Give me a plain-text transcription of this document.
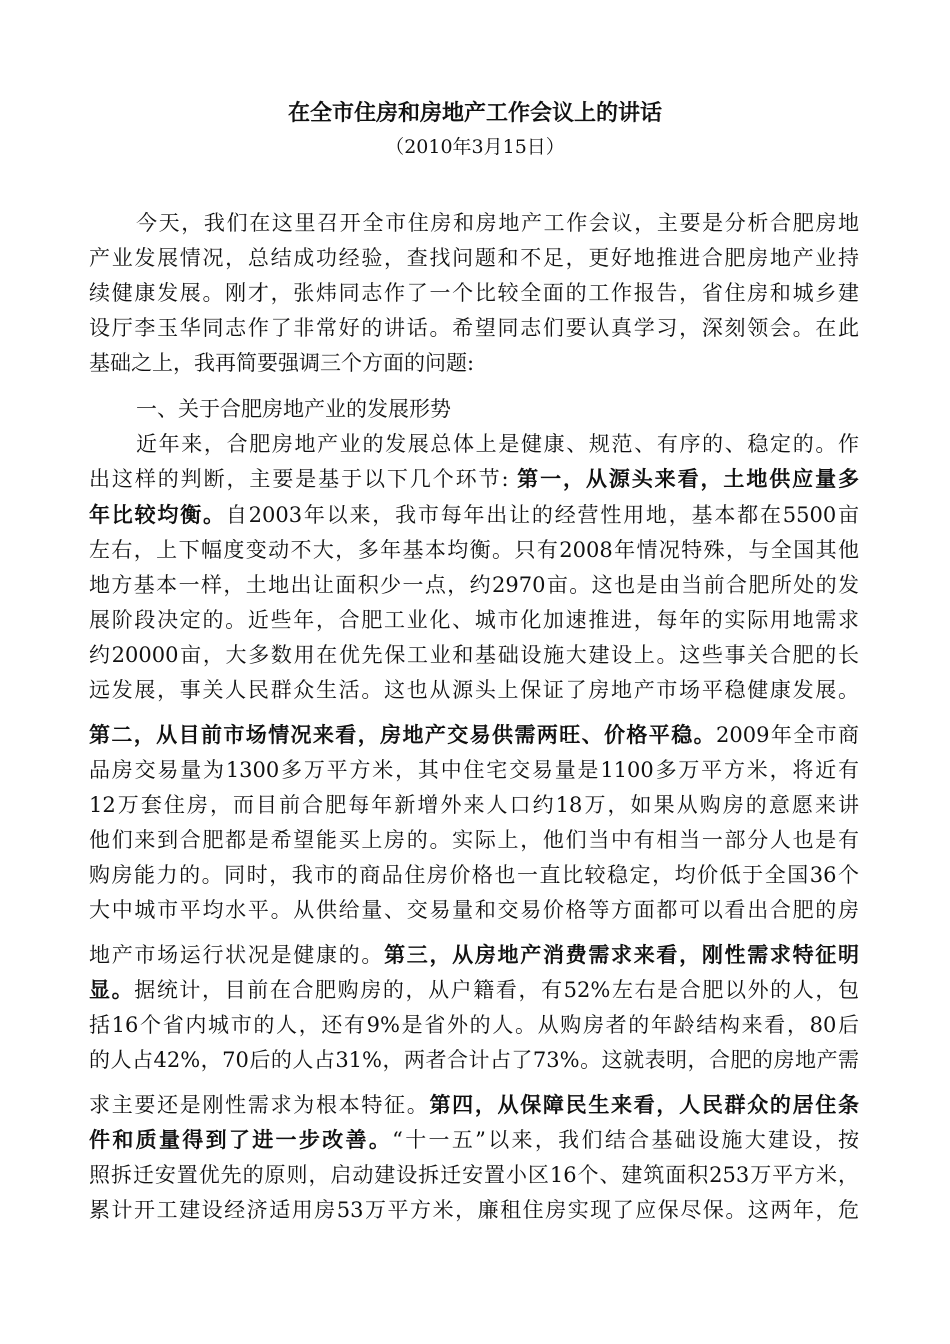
在全市住房和房地产工作会议上的讲话
（2010年3月15日）
今天，我们在这里召开全市住房和房地产工作会议，主要是分析合肥房地
产业发展情况，总结成功经验，查找问题和不足，更好地推进合肥房地产业持
续健康发展。刚才，张炜同志作了一个比较全面的工作报告，省住房和城乡建
设厅李玉华同志作了非常好的讲话。希望同志们要认真学习，深刻领会。在此
基础之上，我再简要强调三个方面的问题:
一、关于合肥房地产业的发展形势
近年来，合肥房地产业的发展总体上是健康、规范、有序的、稳定的。作
出这样的判断，主要是基于以下几个环节: 第一，从源头来看，土地供应量多
年比较均衡。自2003年以来，我市每年出让的经营性用地，基本都在5500亩
左右，上下幅度变动不大，多年基本均衡。只有2008年情况特殊，与全国其他
地方基本一样，土地出让面积少一点，约2970亩。这也是由当前合肥所处的发
展阶段决定的。近些年，合肥工业化、城市化加速推进，每年的实际用地需求
约20000亩，大多数用在优先保工业和基础设施大建设上。这些事关合肥的长
远发展，事关人民群众生活。这也从源头上保证了房地产市场平稳健康发展。
第二，从目前市场情况来看，房地产交易供需两旺、价格平稳。2009年全市商
品房交易量为1300多万平方米，其中住宅交易量是1100多万平方米，将近有
12万套住房，而目前合肥每年新增外来人口约18万，如果从购房的意愿来讲
他们来到合肥都是希望能买上房的。实际上，他们当中有相当一部分人也是有
购房能力的。同时，我市的商品住房价格也一直比较稳定，均价低于全国36个
大中城市平均水平。从供给量、交易量和交易价格等方面都可以看出合肥的房
地产市场运行状况是健康的。第三，从房地产消费需求来看，刚性需求特征明
显。据统计，目前在合肥购房的，从户籍看，有52%左右是合肥以外的人，包
括16个省内城市的人，还有9%是省外的人。从购房者的年龄结构来看，80后
的人占42%，70后的人占31%，两者合计占了73%。这就表明，合肥的房地产需
求主要还是刚性需求为根本特征。第四，从保障民生来看，人民群众的居住条
件和质量得到了进一步改善。“十一五”以来，我们结合基础设施大建设，按
照拆迁安置优先的原则，启动建设拆迁安置小区16个、建筑面积253万平方米，
累计开工建设经济适用房53万平方米，廉租住房实现了应保尽保。这两年，危
